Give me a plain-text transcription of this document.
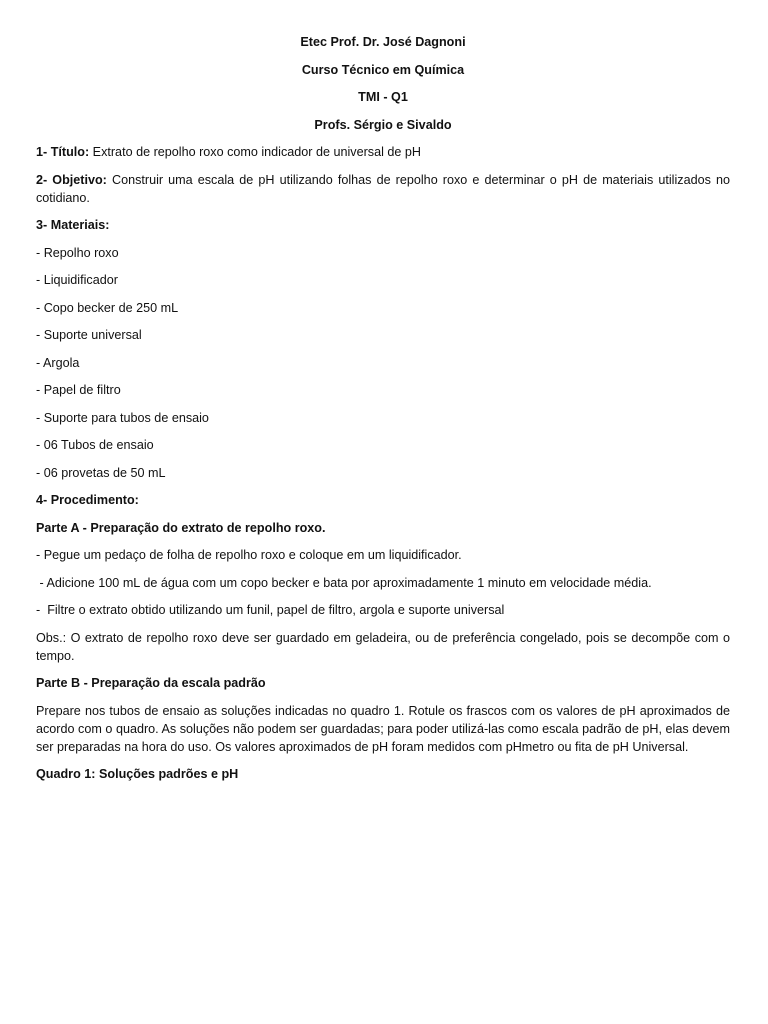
Etec Prof. Dr. José Dagnoni
Curso Técnico em Química
TMI - Q1
Profs. Sérgio e Sivaldo

1- Título: Extrato de repolho roxo como indicador de universal de pH

2- Objetivo: Construir uma escala de pH utilizando folhas de repolho roxo e determinar o pH de materiais utilizados no cotidiano.

3- Materiais:

- Repolho roxo
- Liquidificador
- Copo becker de 250 mL
- Suporte universal
- Argola
- Papel de filtro
- Suporte para tubos de ensaio
- 06 Tubos de ensaio
- 06 provetas de 50 mL

4- Procedimento:

Parte A - Preparação do extrato de repolho roxo.

- Pegue um pedaço de folha de repolho roxo e coloque em um liquidificador.

- Adicione 100 mL de água com um copo becker e bata por aproximadamente 1 minuto em velocidade média.

-  Filtre o extrato obtido utilizando um funil, papel de filtro, argola e suporte universal

Obs.: O extrato de repolho roxo deve ser guardado em geladeira, ou de preferência congelado, pois se decompõe com o tempo.

Parte B - Preparação da escala padrão

Prepare nos tubos de ensaio as soluções indicadas no quadro 1. Rotule os frascos com os valores de pH aproximados de acordo com o quadro. As soluções não podem ser guardadas; para poder utilizá-las como escala padrão de pH, elas devem ser preparadas na hora do uso. Os valores aproximados de pH foram medidos com pHmetro ou fita de pH Universal.

Quadro 1: Soluções padrões e pH
